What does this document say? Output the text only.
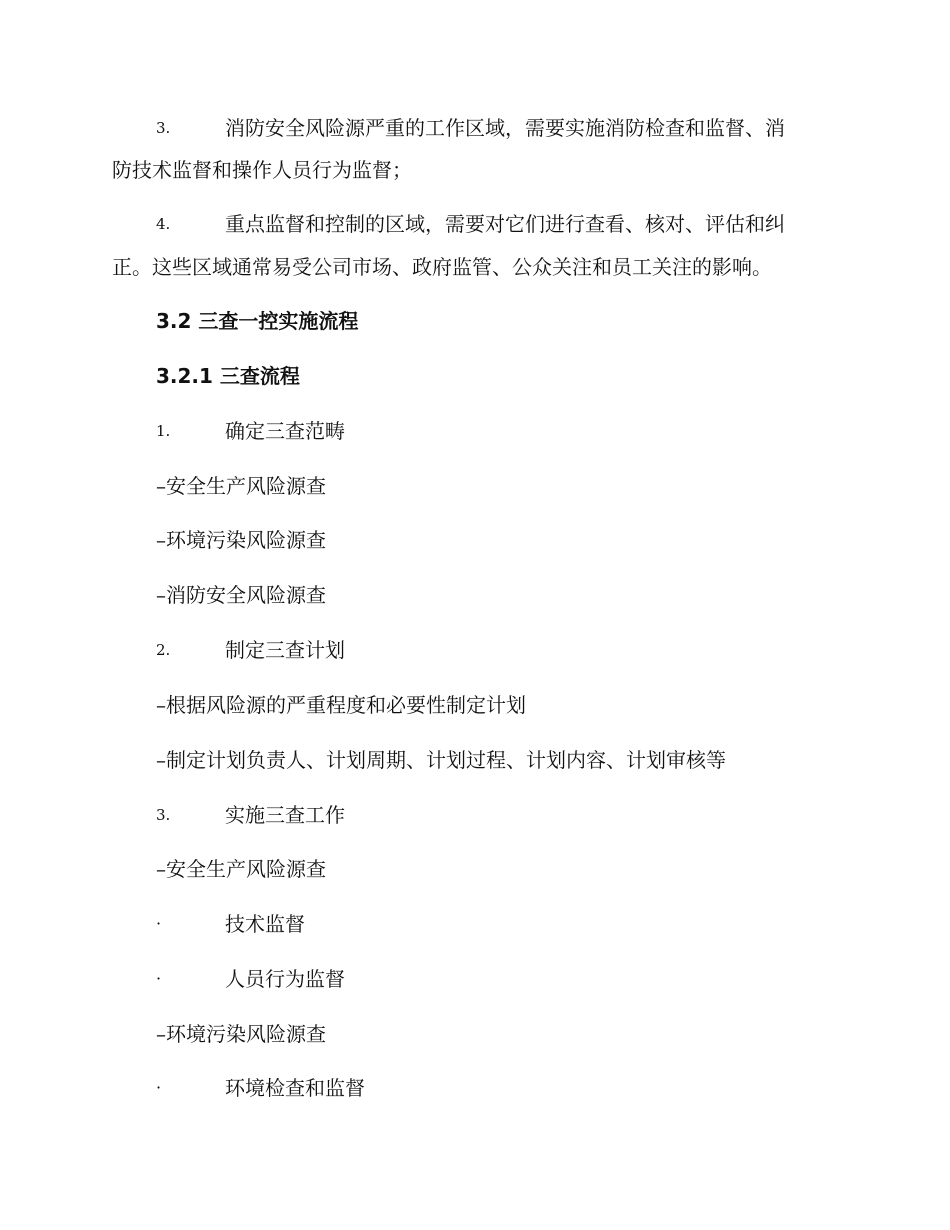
3.	消防安全风险源严重的工作区域，需要实施消防检查和监督、消
防技术监督和操作人员行为监督；
4.	重点监督和控制的区域，需要对它们进行查看、核对、评估和纠
正。这些区域通常易受公司市场、政府监管、公众关注和员工关注的影响。
3.2 三查一控实施流程
3.2.1 三查流程
1.	确定三查范畴
–安全生产风险源查
–环境污染风险源查
–消防安全风险源查
2.	制定三查计划
–根据风险源的严重程度和必要性制定计划
–制定计划负责人、计划周期、计划过程、计划内容、计划审核等
3.	实施三查工作
–安全生产风险源查
·	技术监督
·	人员行为监督
–环境污染风险源查
·	环境检查和监督
